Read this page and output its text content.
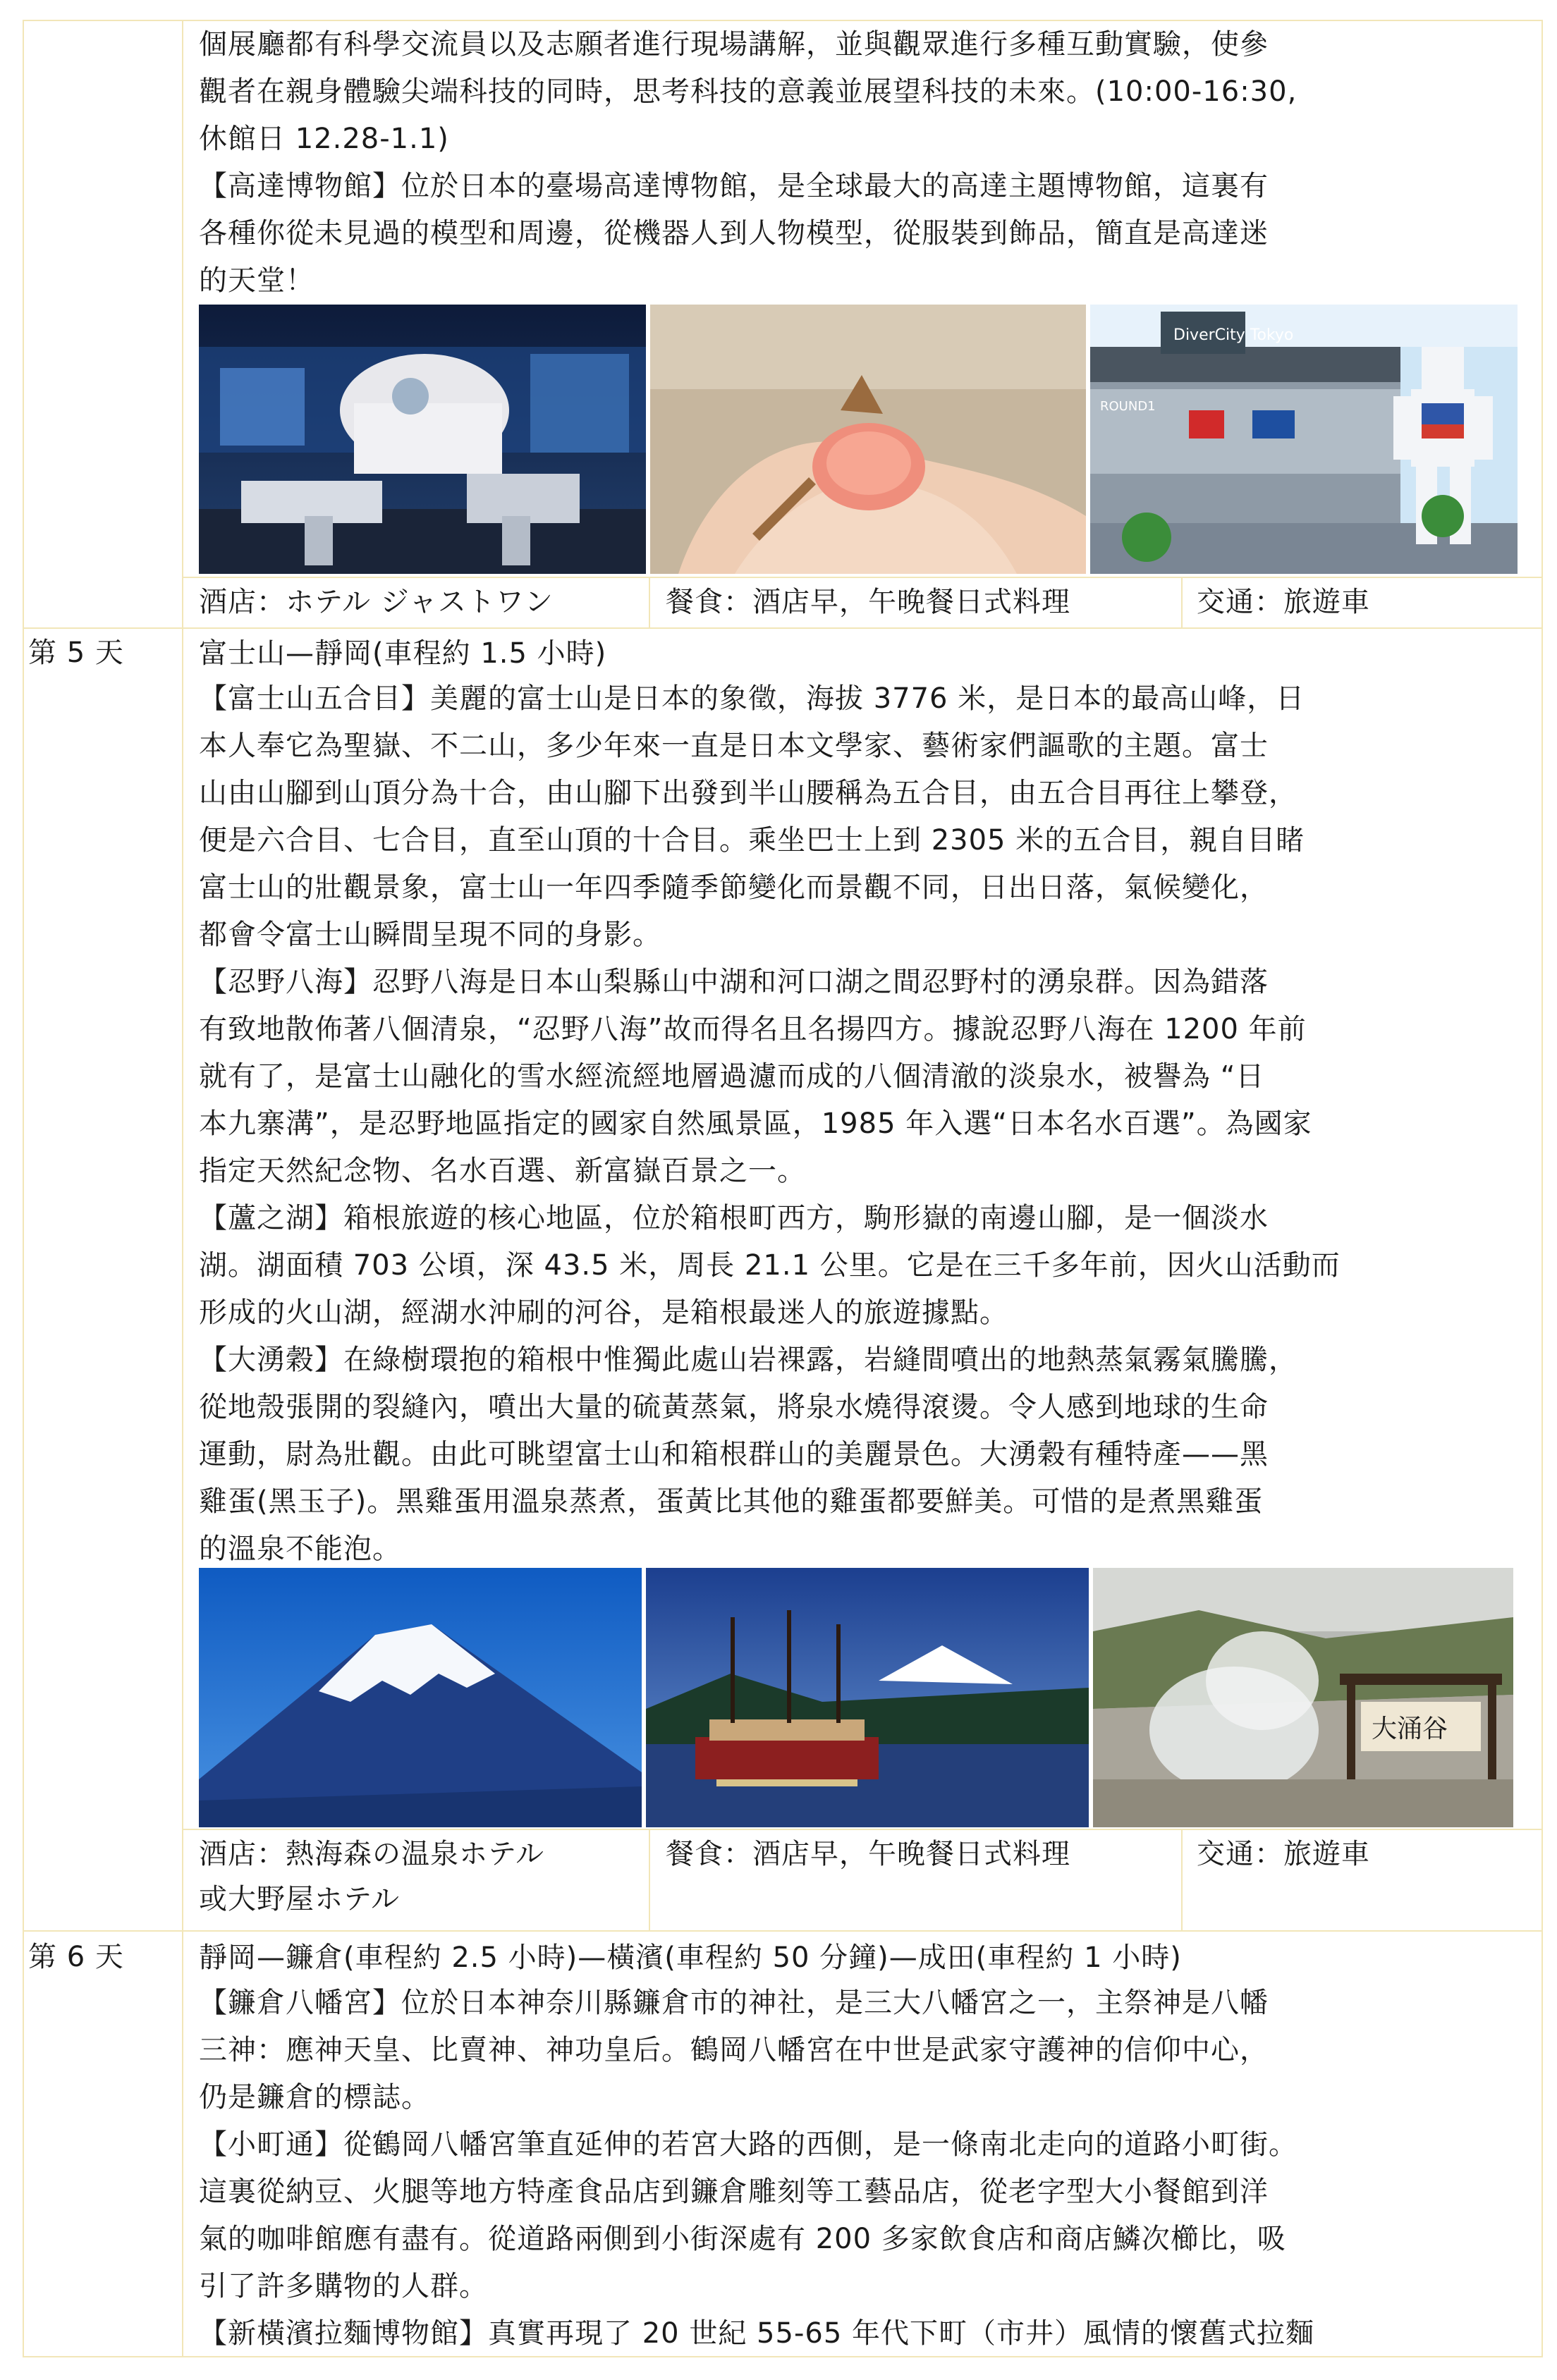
個展廳都有科學交流員以及志願者進行現場講解，並與觀眾進行多種互動實驗，使參
觀者在親身體驗尖端科技的同時，思考科技的意義並展望科技的未來。(10:00-16:30,
休館日 12.28-1.1)
【高達博物館】位於日本的臺場高達博物館，是全球最大的高達主題博物館，這裏有
各種你從未見過的模型和周邊，從機器人到人物模型，從服裝到飾品，簡直是高達迷
的天堂！
DiverCity Tokyo
ROUND1
酒店：ホテル ジャストワン	餐食：酒店早，午晚餐日式料理	交通：旅遊車
第 5 天	富士山—靜岡(車程約 1.5 小時)
【富士山五合目】美麗的富士山是日本的象徵，海拔 3776 米，是日本的最高山峰，日
本人奉它為聖嶽、不二山，多少年來一直是日本文學家、藝術家們謳歌的主題。富士
山由山腳到山頂分為十合，由山腳下出發到半山腰稱為五合目，由五合目再往上攀登，
便是六合目、七合目，直至山頂的十合目。乘坐巴士上到 2305 米的五合目，親自目睹
富士山的壯觀景象，富士山一年四季隨季節變化而景觀不同，日出日落，氣候變化，
都會令富士山瞬間呈現不同的身影。
【忍野八海】忍野八海是日本山梨縣山中湖和河口湖之間忍野村的湧泉群。因為錯落
有致地散佈著八個清泉，“忍野八海”故而得名且名揚四方。據說忍野八海在 1200 年前
就有了，是富士山融化的雪水經流經地層過濾而成的八個清澈的淡泉水，被譽為 “日
本九寨溝”，是忍野地區指定的國家自然風景區，1985 年入選“日本名水百選”。為國家
指定天然紀念物、名水百選、新富嶽百景之一。
【蘆之湖】箱根旅遊的核心地區，位於箱根町西方，駒形嶽的南邊山腳，是一個淡水
湖。湖面積 703 公頃，深 43.5 米，周長 21.1 公里。它是在三千多年前，因火山活動而
形成的火山湖，經湖水沖刷的河谷，是箱根最迷人的旅遊據點。
【大湧穀】在綠樹環抱的箱根中惟獨此處山岩裸露，岩縫間噴出的地熱蒸氣霧氣騰騰，
從地殼張開的裂縫內，噴出大量的硫黃蒸氣，將泉水燒得滾燙。令人感到地球的生命
運動，尉為壯觀。由此可眺望富士山和箱根群山的美麗景色。大湧穀有種特產——黑
雞蛋(黑玉子)。黑雞蛋用溫泉蒸煮，蛋黃比其他的雞蛋都要鮮美。可惜的是煮黑雞蛋
的溫泉不能泡。
大涌谷
酒店：熱海森の温泉ホテル
或大野屋ホテル
餐食：酒店早，午晚餐日式料理	交通：旅遊車
第 6 天	靜岡—鐮倉(車程約 2.5 小時)—橫濱(車程約 50 分鐘)—成田(車程約 1 小時)
【鐮倉八幡宮】位於日本神奈川縣鐮倉市的神社，是三大八幡宮之一，主祭神是八幡
三神：應神天皇、比賣神、神功皇后。鶴岡八幡宮在中世是武家守護神的信仰中心，
仍是鐮倉的標誌。
【小町通】從鶴岡八幡宮筆直延伸的若宮大路的西側，是一條南北走向的道路小町街。
這裏從納豆、火腿等地方特產食品店到鐮倉雕刻等工藝品店，從老字型大小餐館到洋
氣的咖啡館應有盡有。從道路兩側到小街深處有 200 多家飲食店和商店鱗次櫛比，吸
引了許多購物的人群。
【新橫濱拉麵博物館】真實再現了 20 世紀 55-65 年代下町（市井）風情的懷舊式拉麵
